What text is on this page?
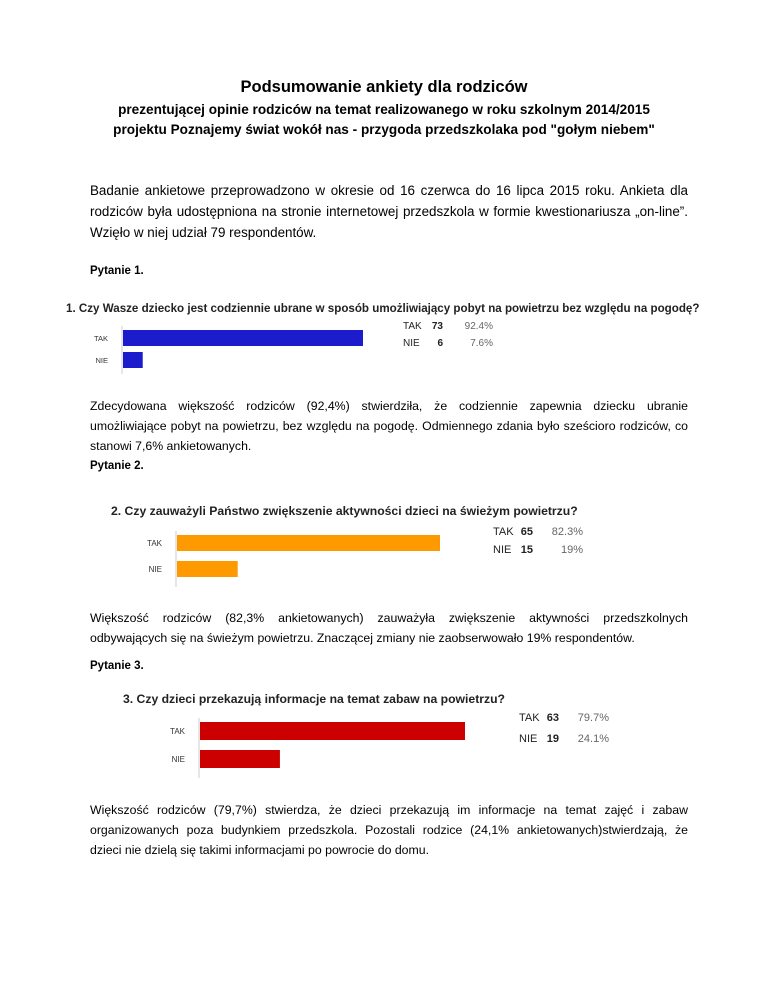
Podsumowanie ankiety dla rodziców
prezentującej opinie rodziców na temat realizowanego w roku szkolnym 2014/2015
projektu Poznajemy świat wokół nas - przygoda przedszkolaka pod "gołym niebem"

Badanie ankietowe przeprowadzono w okresie od 16 czerwca do 16 lipca 2015 roku. Ankieta dla rodziców była udostępniona na stronie internetowej przedszkola w formie kwestionariusza „on-line”. Wzięło w niej udział 79 respondentów.

Pytanie 1.

Zdecydowana większość rodziców (92,4%) stwierdziła, że codziennie zapewnia dziecku ubranie umożliwiające pobyt na powietrzu, bez względu na pogodę. Odmiennego zdania było sześcioro rodziców, co stanowi 7,6% ankietowanych.

Pytanie 2.

Większość rodziców (82,3% ankietowanych) zauważyła zwiększenie aktywności przedszkolnych odbywających się na świeżym powietrzu. Znaczącej zmiany nie zaobserwowało 19% respondentów.

Pytanie 3.

Większość rodziców (79,7%) stwierdza, że dzieci przekazują im informacje na temat zajęć i zabaw organizowanych poza budynkiem przedszkola. Pozostali rodzice (24,1% ankietowanych)stwierdzają, że dzieci nie dzielą się takimi informacjami po powrocie do domu.

1. Czy Wasze dziecko jest codziennie ubrane w sposób umożliwiający pobyt na powietrzu bez względu na pogodę?
TAK
TAK 73 92.4%
NIE
NIE 6	7.6%
2. Czy zauważyli Państwo zwiększenie aktywności dzieci na świeżym powietrzu?
TAK
TAK 65 82.3%
NIE
NIE 15	19%
3. Czy dzieci przekazują informacje na temat zabaw na powietrzu?
TAK
TAK 63 79.7%
NIE
NIE 19 24.1%
